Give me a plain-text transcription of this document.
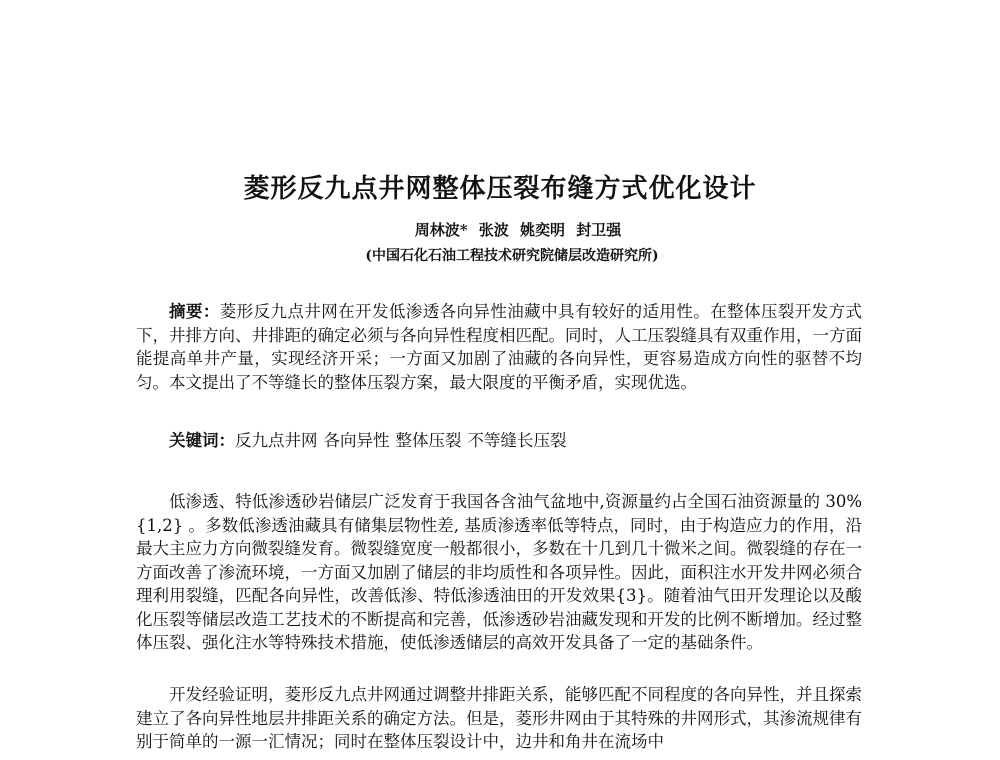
菱形反九点井网整体压裂布缝方式优化设计
周林波* 张波 姚奕明 封卫强
(中国石化石油工程技术研究院储层改造研究所)
摘要：菱形反九点井网在开发低渗透各向异性油藏中具有较好的适用性。在整体压裂开发方式下，井排方向、井排距的确定必须与各向异性程度相匹配。同时，人工压裂缝具有双重作用，一方面能提高单井产量，实现经济开采；一方面又加剧了油藏的各向异性，更容易造成方向性的驱替不均匀。本文提出了不等缝长的整体压裂方案，最大限度的平衡矛盾，实现优选。
关键词：反九点井网 各向异性 整体压裂 不等缝长压裂
低渗透、特低渗透砂岩储层广泛发育于我国各含油气盆地中,资源量约占全国石油资源量的 30%{1,2} 。多数低渗透油藏具有储集层物性差, 基质渗透率低等特点，同时，由于构造应力的作用，沿最大主应力方向微裂缝发育。微裂缝宽度一般都很小，多数在十几到几十微米之间。微裂缝的存在一方面改善了渗流环境，一方面又加剧了储层的非均质性和各项异性。因此，面积注水开发井网必须合理利用裂缝，匹配各向异性，改善低渗、特低渗透油田的开发效果{3}。随着油气田开发理论以及酸化压裂等储层改造工艺技术的不断提高和完善，低渗透砂岩油藏发现和开发的比例不断增加。经过整体压裂、强化注水等特殊技术措施，使低渗透储层的高效开发具备了一定的基础条件。
开发经验证明，菱形反九点井网通过调整井排距关系，能够匹配不同程度的各向异性，并且探索建立了各向异性地层井排距关系的确定方法。但是，菱形井网由于其特殊的井网形式，其渗流规律有别于简单的一源一汇情况；同时在整体压裂设计中，边井和角井在流场中
